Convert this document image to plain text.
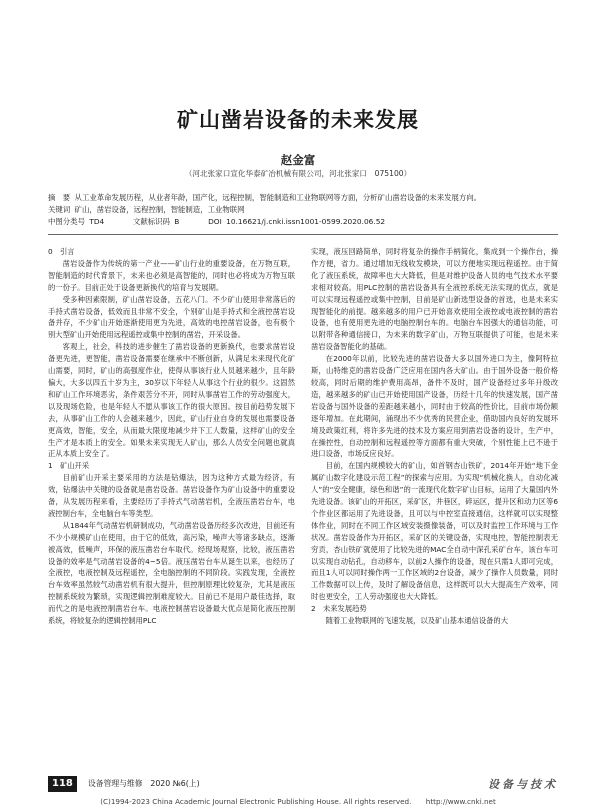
矿山凿岩设备的未来发展
赵金富
（河北张家口宣化华泰矿冶机械有限公司，河北张家口　075100）
摘　要 从工业革命发展历程，从业者年龄，国产化，远程控制，智能制造和工业物联网等方面，分析矿山凿岩设备的未来发展方向。
关键词 矿山，凿岩设备，远程控制，智能制造，工业物联网
中图分类号 TD4	文献标识码 B	DOI 10.16621/j.cnki.issn1001-0599.2020.06.52

0　引言

凿岩设备作为传统的第一产业——矿山行业的重要设备，在万物互联，智能制造的时代背景下，未来也必须是高智能的，同时也必将成为万物互联的一份子。目前正处于设备更新换代的培育与发展期。

受多种因素限制，矿山凿岩设备，五花八门。不少矿山使用非常落后的手持式凿岩设备，低效而且非常不安全，个别矿山是手持式和全液控凿岩设备并存，不少矿山开始逐渐使用更为先进，高效的电控凿岩设备，也有极个别大型矿山开始使用远程遥控或集中控制的凿岩，开采设备。

客观上，社会，科技的进步催生了凿岩设备的更新换代，也要求凿岩设备更先进，更智能，凿岩设备需要在继承中不断创新，从满足未来现代化矿山需要，同时，矿山的高强度作业，使得从事该行业人员越来越少，且年龄偏大，大多以四五十岁为主，30岁以下年轻人从事这个行业的很少。这固然和矿山工作环境恶劣，条件艰苦分不开，同时从事凿岩工作的劳动强度大，以及现场危险，也是年轻人不愿从事该工作的很大原因。按目前趋势发展下去，从事矿山工作的人会越来越少，因此，矿山行业自身的发展也需要设备更高效，智能，安全，从而最大限度地减少井下工人数量，这样矿山的安全生产才是本质上的安全。如果未来实现无人矿山，那么人员安全问题也就真正从本质上安全了。

1　矿山开采

目前矿山开采主要采用的方法是钻爆法，因为这种方式最为经济，有效，钻爆法中关键的设备就是凿岩设备。凿岩设备作为矿山设备中的重要设备，从发展历程来看，主要经历了手持式气动凿岩机，全液压凿岩台车，电液控制台车，全电脑台车等类型。

从1844年气动凿岩机研制成功，气动凿岩设备历经多次改进，目前还有不少小规模矿山在使用，由于它的低效，高污染，噪声大等诸多缺点，逐渐被高效，低噪声，环保的液压凿岩台车取代。经现场观察，比较，液压凿岩设备的效率是气动凿岩设备的4~5倍。液压凿岩台车从诞生以来，也经历了全液控，电液控制及远程遥控，全电脑控制的不同阶段。实践发现，全液控台车效率虽然较气动凿岩机有很大提升，但控制原理比较复杂，尤其是液压控制系统较为繁琐，实现逻辑控制难度较大。目前已不是用户最佳选择，取而代之的是电液控制凿岩台车。电液控制凿岩设备最大优点是简化液压控制系统，将较复杂的逻辑控制用PLC

实现，液压回路简单，同时将复杂的操作手柄简化，集成到一个操作台，操作方便，省力。通过增加无线收发模块，可以方便地实现远程遥控。由于简化了液压系统，故障率也大大降低，但是对维护设备人员的电气技术水平要求相对较高。用PLC控制的凿岩设备具有全液控系统无法实现的优点，就是可以实现远程遥控或集中控制，目前是矿山新选型设备的首选，也是未来实现智能化的前提。越来越多的用户已开始喜欢使用全液控或电液控制的凿岩设备，也有使用更先进的电脑控制台车的。电脑台车因强大的通信功能，可以附带各种通信接口，为未来的数字矿山，万物互联提供了可能，也是未来凿岩设备智能化的基础。

在2000年以前，比较先进的凿岩设备大多以国外进口为主，像阿特拉斯，山特维克的凿岩设备广泛应用在国内各大矿山。由于国外设备一般价格较高，同时后期的维护费用高昂，备件不及时，国产设备经过多年升级改造，越来越多的矿山已开始使用国产设备，历经十几年的快速发展，国产凿岩设备与国外设备的差距越来越小，同时由于较高的性价比，目前市场份额逐年增加。在此期间，涌现出不少优秀的民营企业，借助国内良好的发展环境及政策红利，将许多先进的技术及方案应用到凿岩设备的设计，生产中，在操控性，自动控制和远程遥控等方面都有重大突破，个别性能上已不逊于进口设备，市场反应良好。

目前，在国内规模较大的矿山，如首钢杏山铁矿，2014年开始“地下金属矿山数字化建设示范工程”的探索与应用。为实现“机械化换人，自动化减人”的“安全健康，绿色和谐”的一流现代化数字矿山目标，运用了大量国内外先进设备。该矿山的开拓区，采矿区，井巷区，碎运区，提升区和动力区等6个作业区都运用了先进设备，且可以与中控室直接通信，这样就可以实现整体作业，同时在不同工作区域安装摄像装备，可以及时监控工作环境与工作状况。凿岩设备作为开拓区，采矿区的关键设备，实现电控，智能控制表无穷贡，杏山铁矿就使用了比较先进的MAC全自动中深孔采矿台车，该台车可以实现自动钻孔，自动移车，以前2人操作的设备，现在只需1人即可完成，而且1人可以同时操作两一工作区域的2台设备，减少了操作人员数量，同时工作数据可以上传，及时了解设备信息，这样既可以大大提高生产效率，同时也更安全，工人劳动强度也大大降低。

2　未来发展趋势

随着工业物联网的飞速发展，以及矿山基本通信设备的大

118	设备管理与维修　2020 №6(上)	设备与技术
(C)1994-2023 China Academic Journal Electronic Publishing House. All rights reserved.　　http://www.cnki.net
